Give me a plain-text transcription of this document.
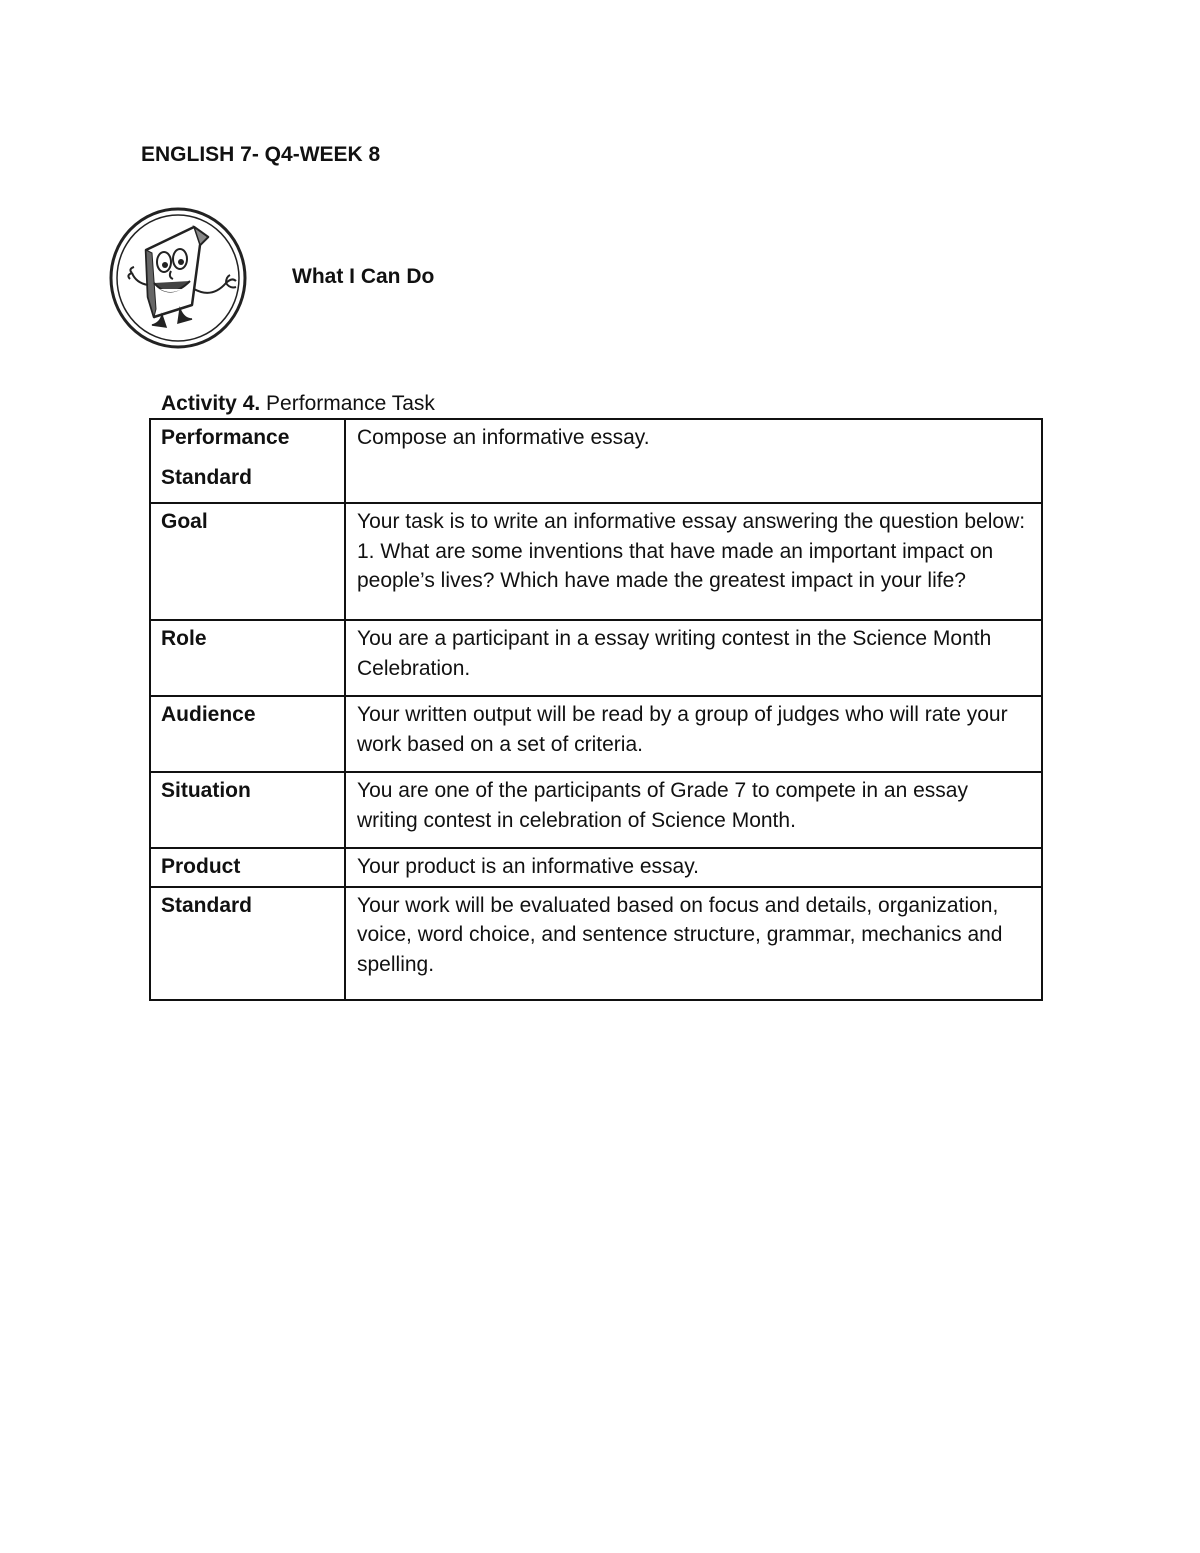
ENGLISH 7- Q4-WEEK 8
What I Can Do
Activity 4. Performance Task
Performance
Standard	Compose an informative essay.
Goal	Your task is to write an informative essay answering the question below: 1. What are some inventions that have made an important impact on people’s lives? Which have made the greatest impact in your life?
Role	You are a participant in a essay writing contest in the Science Month Celebration.
Audience	Your written output will be read by a group of judges who will rate your work based on a set of criteria.
Situation	You are one of the participants of Grade 7 to compete in an essay writing contest in celebration of Science Month.
Product	Your product is an informative essay.
Standard	Your work will be evaluated based on focus and details, organization, voice, word choice, and sentence structure, grammar, mechanics and spelling.
